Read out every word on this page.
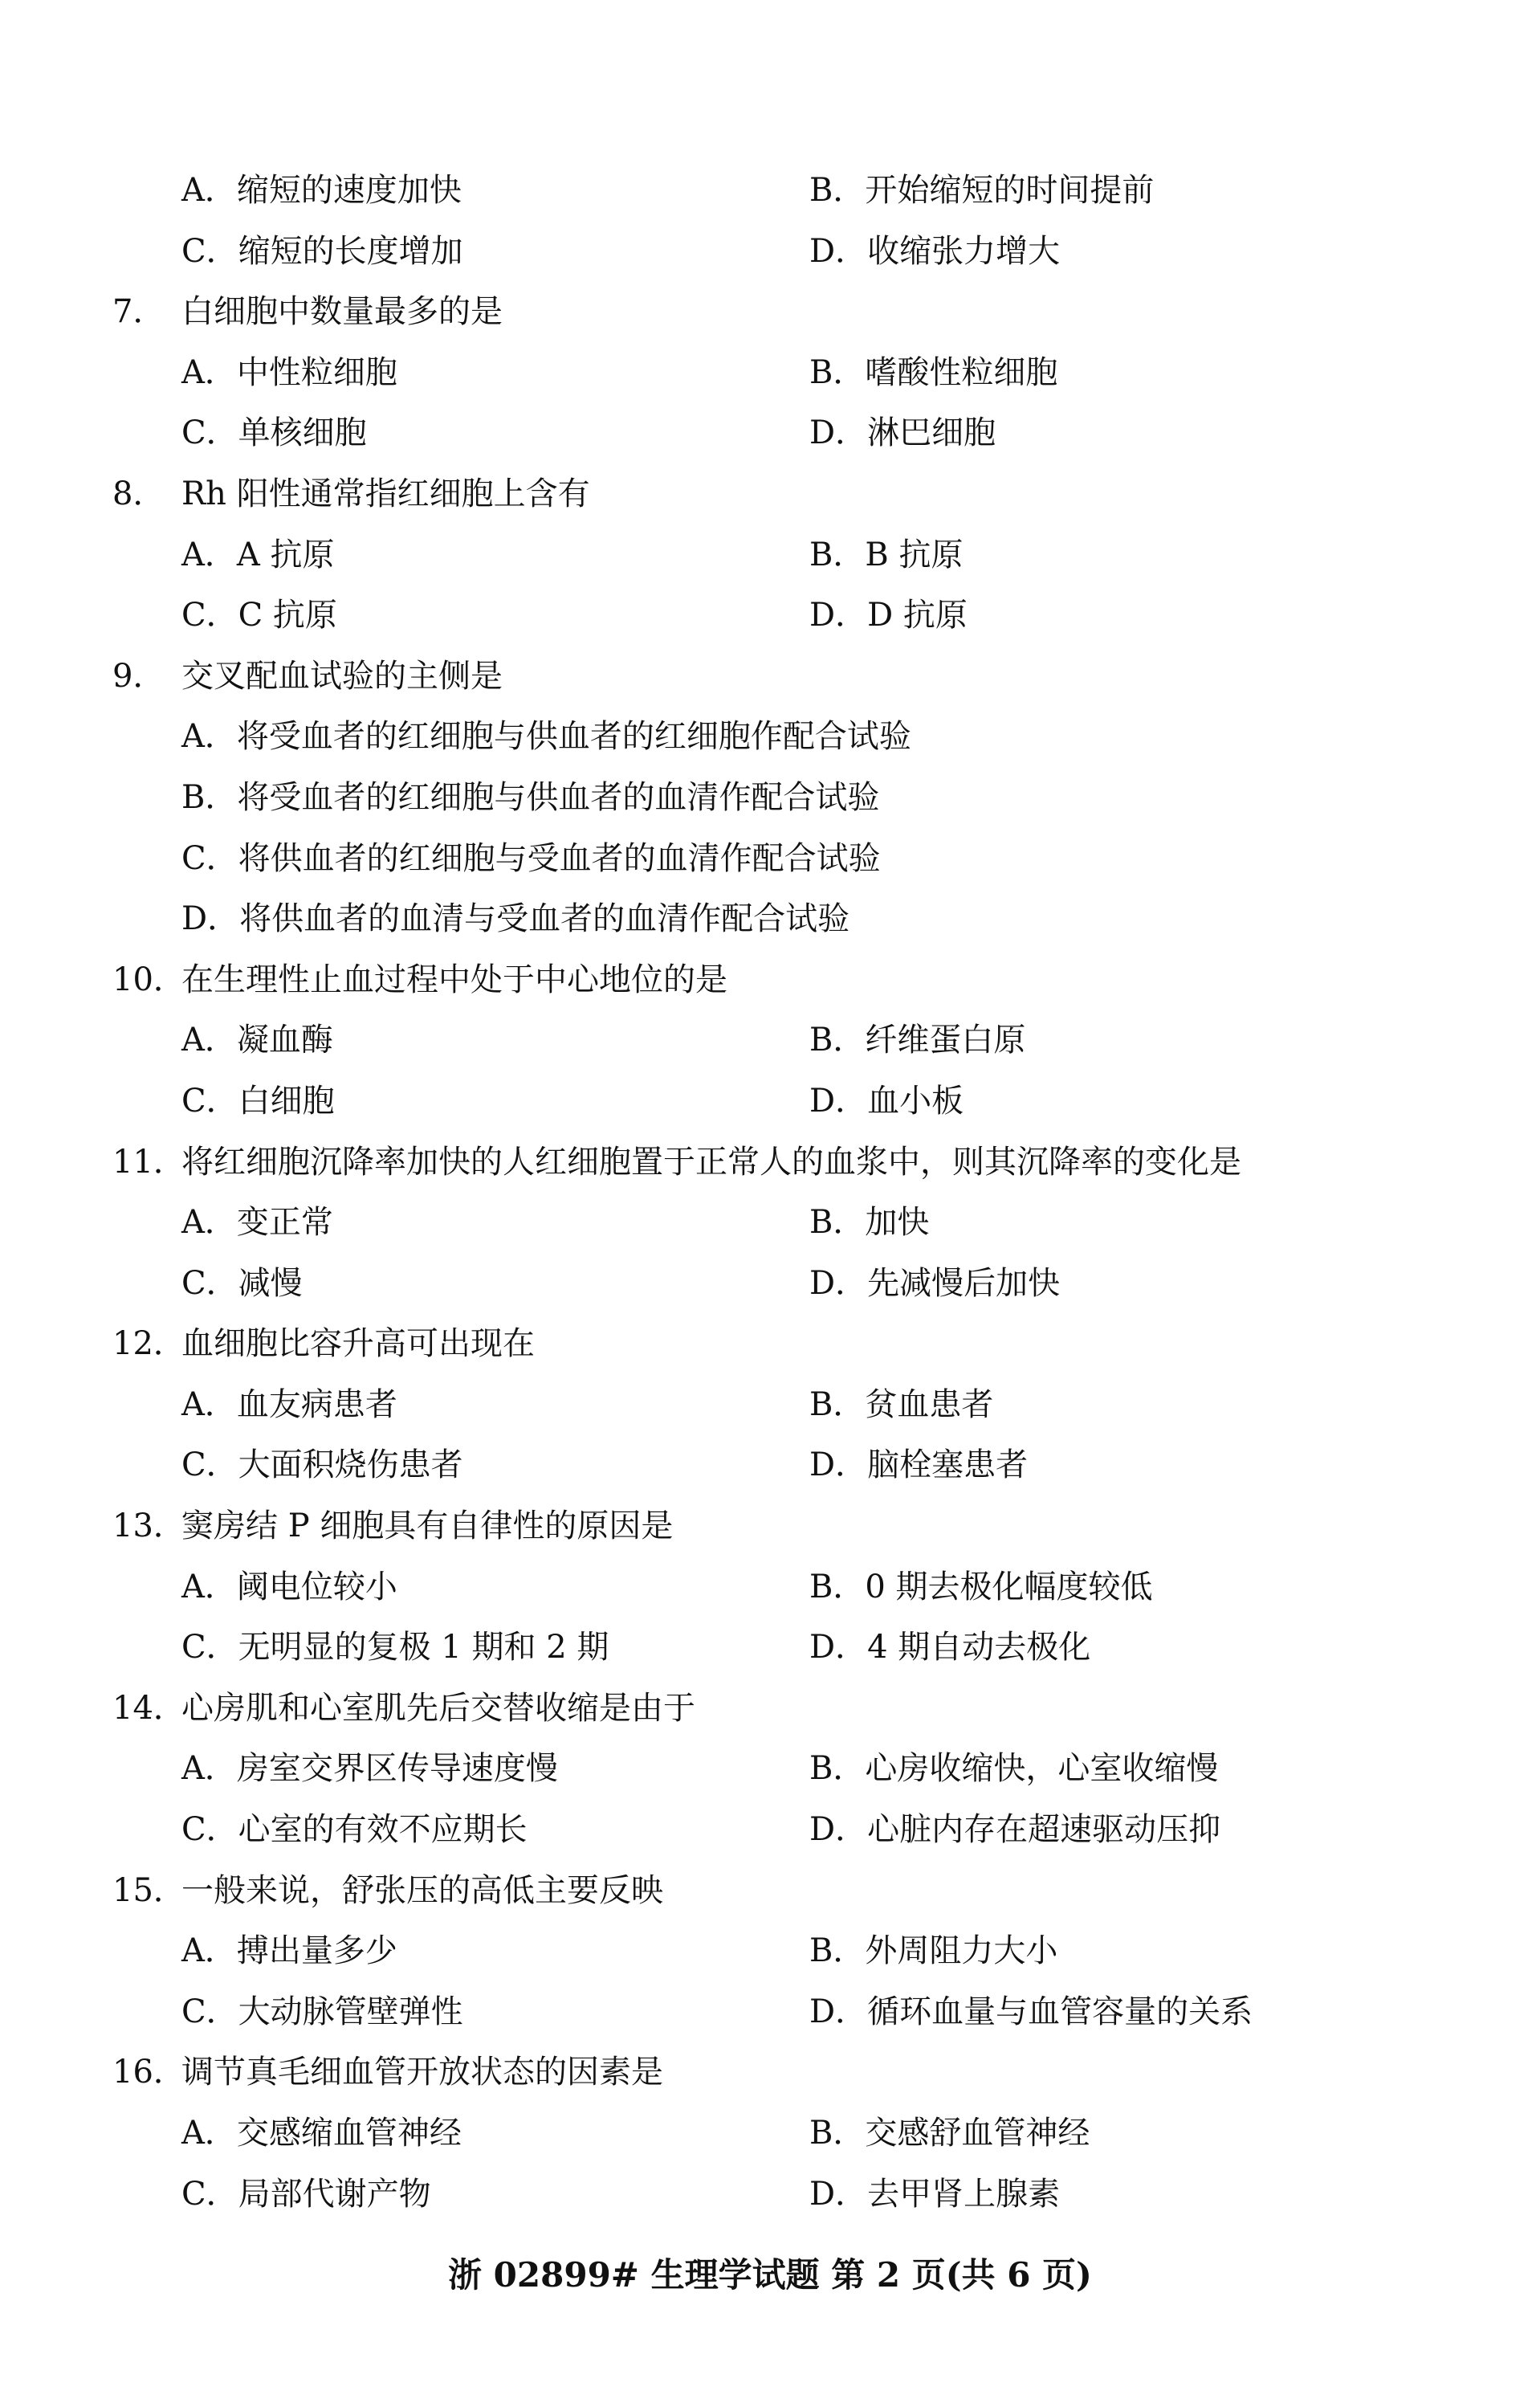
A．缩短的速度加快	B．开始缩短的时间提前
C．缩短的长度增加	D．收缩张力增大
7． 白细胞中数量最多的是
A．中性粒细胞	B．嗜酸性粒细胞
C．单核细胞	D．淋巴细胞
8． Rh 阳性通常指红细胞上含有
A．A 抗原	B．B 抗原
C．C 抗原	D．D 抗原
9． 交叉配血试验的主侧是
A．将受血者的红细胞与供血者的红细胞作配合试验
B．将受血者的红细胞与供血者的血清作配合试验
C．将供血者的红细胞与受血者的血清作配合试验
D．将供血者的血清与受血者的血清作配合试验
10．在生理性止血过程中处于中心地位的是
A．凝血酶	B．纤维蛋白原
C．白细胞	D．血小板
11．将红细胞沉降率加快的人红细胞置于正常人的血浆中，则其沉降率的变化是
A．变正常	B．加快
C．减慢	D．先减慢后加快
12．血细胞比容升高可出现在
A．血友病患者	B．贫血患者
C．大面积烧伤患者	D．脑栓塞患者
13．窦房结 P 细胞具有自律性的原因是
A．阈电位较小	B．0 期去极化幅度较低
C．无明显的复极 1 期和 2 期	D．4 期自动去极化
14．心房肌和心室肌先后交替收缩是由于
A．房室交界区传导速度慢	B．心房收缩快，心室收缩慢
C．心室的有效不应期长	D．心脏内存在超速驱动压抑
15．一般来说，舒张压的高低主要反映
A．搏出量多少	B．外周阻力大小
C．大动脉管壁弹性	D．循环血量与血管容量的关系
16．调节真毛细血管开放状态的因素是
A．交感缩血管神经	B．交感舒血管神经
C．局部代谢产物	D．去甲肾上腺素
浙 02899# 生理学试题 第 2 页(共 6 页)
